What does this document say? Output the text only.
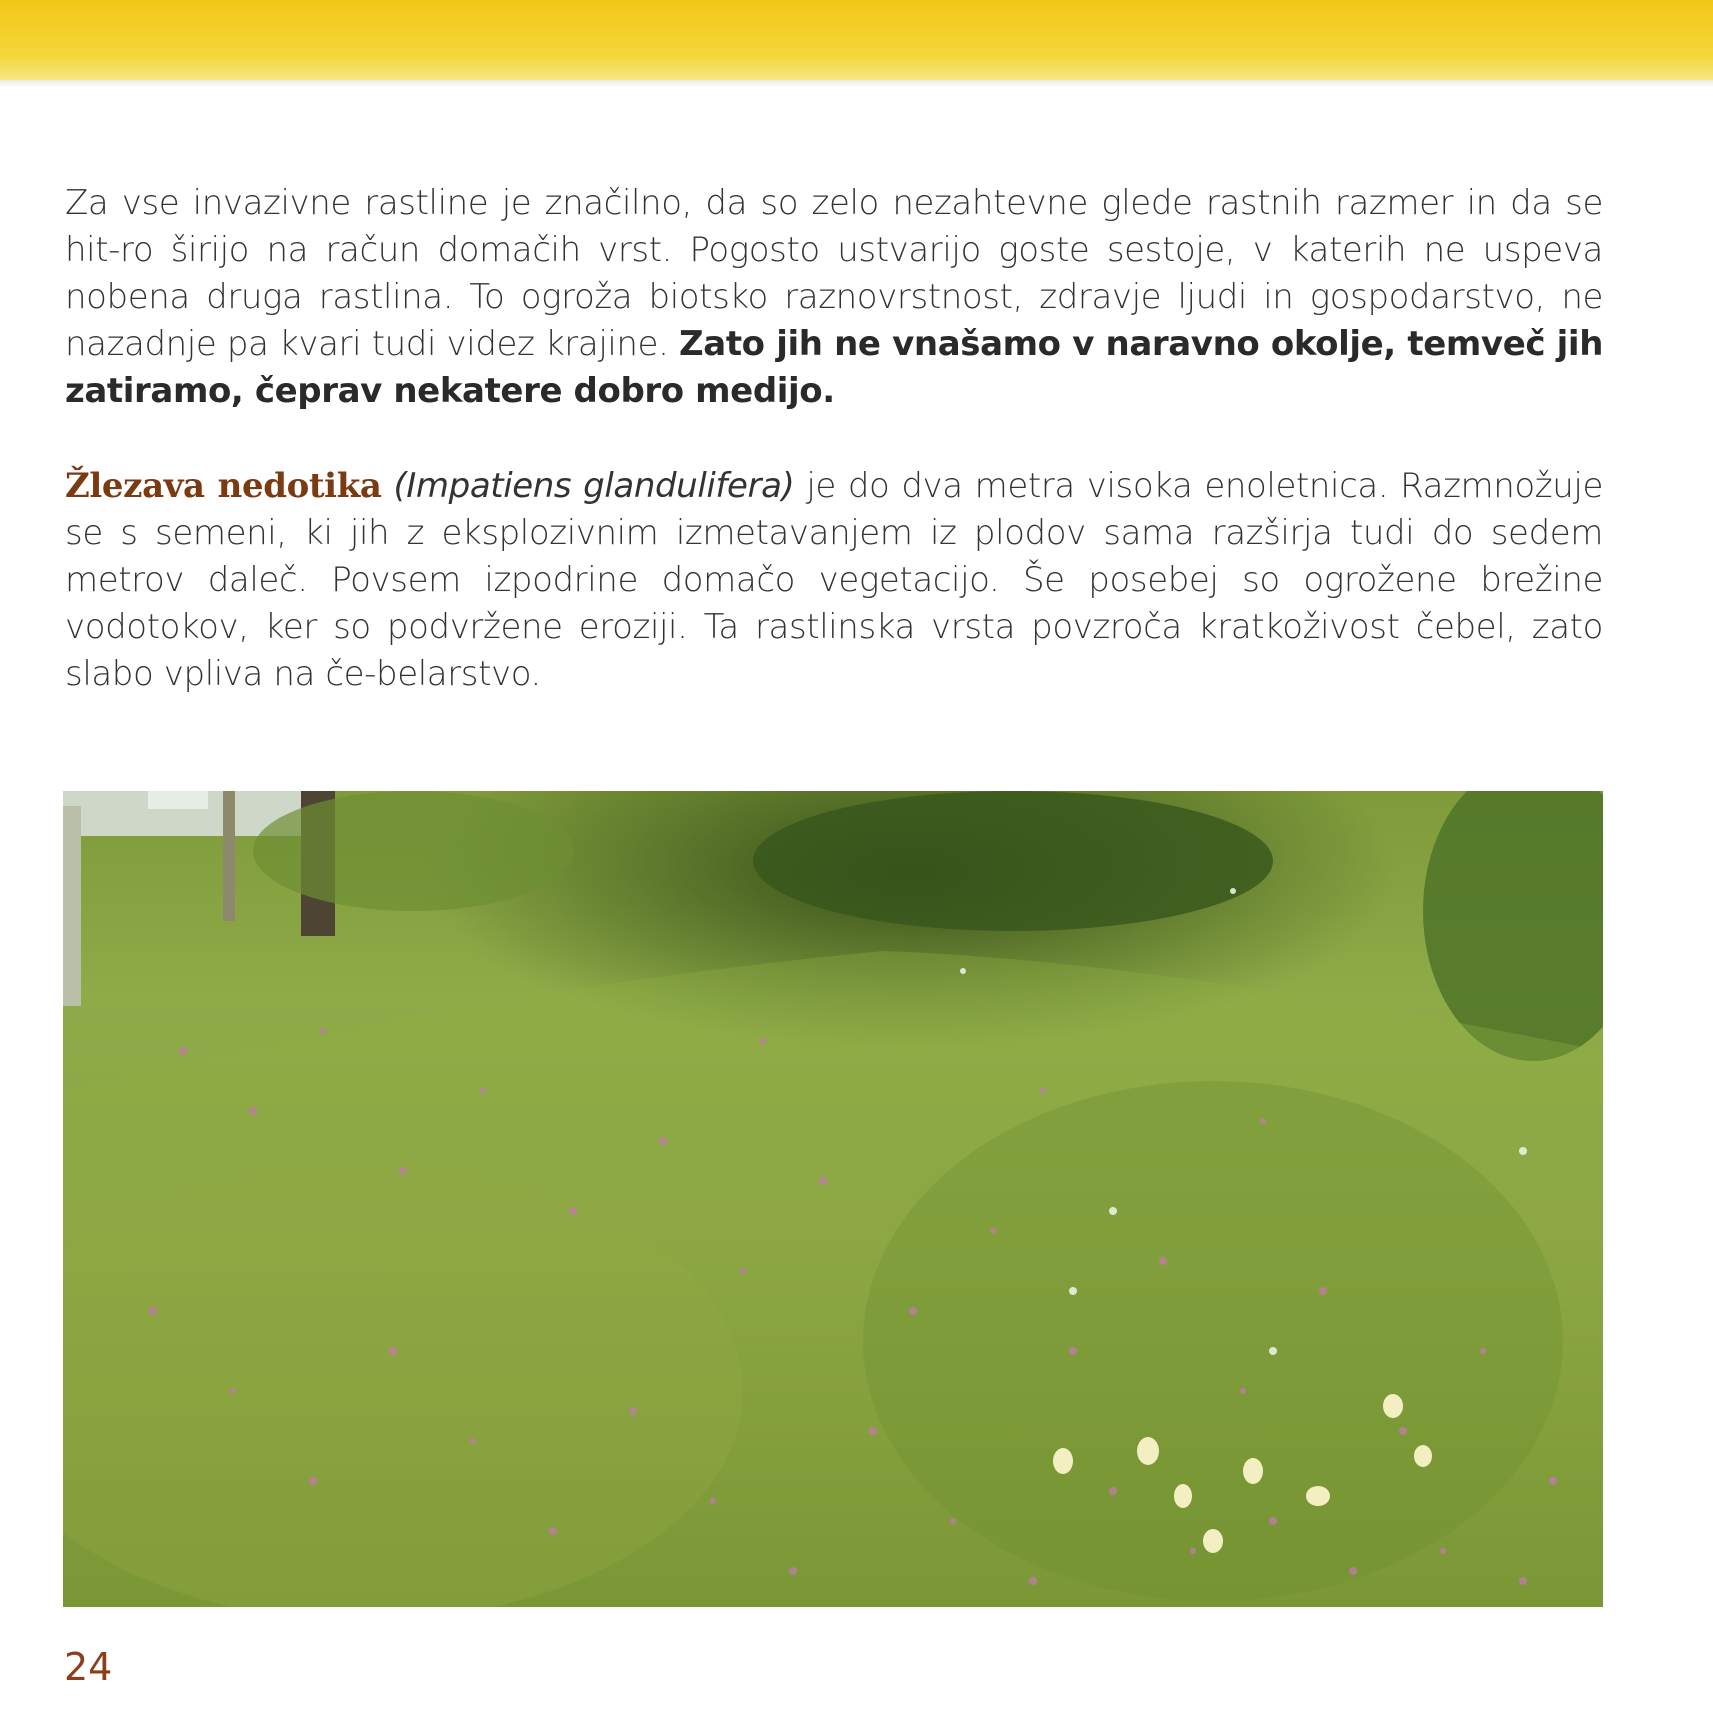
Za vse invazivne rastline je značilno, da so zelo nezahtevne glede rastnih razmer in da se hit-ro širijo na račun domačih vrst. Pogosto ustvarijo goste sestoje, v katerih ne uspeva nobena druga rastlina. To ogroža biotsko raznovrstnost, zdravje ljudi in gospodarstvo, ne nazadnje pa kvari tudi videz krajine. Zato jih ne vnašamo v naravno okolje, temveč jih zatiramo, čeprav nekatere dobro medijo.

Žlezava nedotika (Impatiens glandulifera) je do dva metra visoka enoletnica. Razmnožuje se s semeni, ki jih z eksplozivnim izmetavanjem iz plodov sama razširja tudi do sedem metrov daleč. Povsem izpodrine domačo vegetacijo. Še posebej so ogrožene brežine vodotokov, ker so podvržene eroziji. Ta rastlinska vrsta povzroča kratkoživost čebel, zato slabo vpliva na če-belarstvo.

24
